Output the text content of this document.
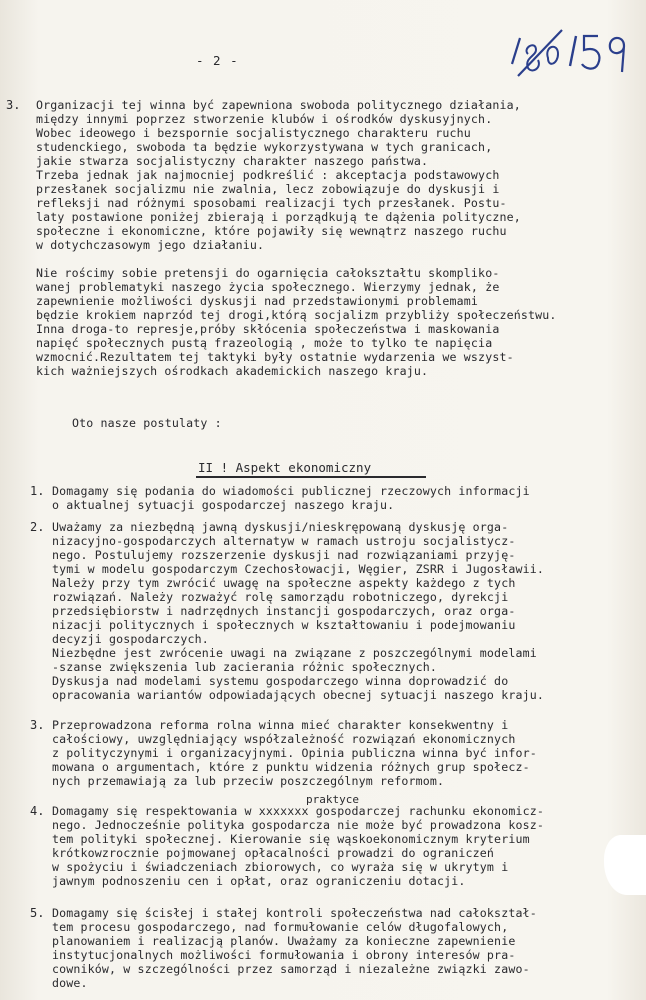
- 2 -
3. Organizacji tej winna być zapewniona swoboda politycznego działania,
między innymi poprzez stworzenie klubów i ośrodków dyskusyjnych.
Wobec ideowego i bezspornie socjalistycznego charakteru ruchu
studenckiego, swoboda ta będzie wykorzystywana w tych granicach,
jakie stwarza socjalistyczny charakter naszego państwa.
Trzeba jednak jak najmocniej podkreślić : akceptacja podstawowych
przesłanek socjalizmu nie zwalnia, lecz zobowiązuje do dyskusji i
refleksji nad różnymi sposobami realizacji tych przesłanek. Postu-
laty postawione poniżej zbierają i porządkują te dążenia polityczne,
społeczne i ekonomiczne, które pojawiły się wewnątrz naszego ruchu
w dotychczasowym jego działaniu.
Nie rościmy sobie pretensji do ogarnięcia całokształtu skompliko-
wanej problematyki naszego życia społecznego. Wierzymy jednak, że
zapewnienie możliwości dyskusji nad przedstawionymi problemami
będzie krokiem naprzód tej drogi,którą socjalizm przybliży społeczeństwu.
Inna droga-to represje,próby skłócenia społeczeństwa i maskowania
napięć społecznych pustą frazeologią , może to tylko te napięcia
wzmocnić.Rezultatem tej taktyki były ostatnie wydarzenia we wszyst-
kich ważniejszych ośrodkach akademickich naszego kraju.
Oto nasze postulaty :
II ! Aspekt ekonomiczny
1. Domagamy się podania do wiadomości publicznej rzeczowych informacji
o aktualnej sytuacji gospodarczej naszego kraju.
2. Uważamy za niezbędną jawną dyskusji/nieskrępowaną dyskusję orga-
nizacyjno-gospodarczych alternatyw w ramach ustroju socjalistycz-
nego. Postulujemy rozszerzenie dyskusji nad rozwiązaniami przyję-
tymi w modelu gospodarczym Czechosłowacji, Węgier, ZSRR i Jugosławii.
Należy przy tym zwrócić uwagę na społeczne aspekty każdego z tych
rozwiązań. Należy rozważyć rolę samorządu robotniczego, dyrekcji
przedsiębiorstw i nadrzędnych instancji gospodarczych, oraz orga-
nizacji politycznych i społecznych w kształtowaniu i podejmowaniu
decyzji gospodarczych.
Niezbędne jest zwrócenie uwagi na związane z poszczególnymi modelami
-szanse zwiększenia lub zacierania różnic społecznych.
Dyskusja nad modelami systemu gospodarczego winna doprowadzić do
opracowania wariantów odpowiadających obecnej sytuacji naszego kraju.
3. Przeprowadzona reforma rolna winna mieć charakter konsekwentny i
całościowy, uwzględniający współzależność rozwiązań ekonomicznych
z polityczynymi i organizacyjnymi. Opinia publiczna winna być infor-
mowana o argumentach, które z punktu widzenia różnych grup społecz-
nych przemawiają za lub przeciw poszczególnym reformom.
praktyce
4. Domagamy się respektowania w xxxxxxx gospodarczej rachunku ekonomicz-
nego. Jednocześnie polityka gospodarcza nie może być prowadzona kosz-
tem polityki społecznej. Kierowanie się wąskoekonomicznym kryterium
krótkowzrocznie pojmowanej opłacalności prowadzi do ograniczeń
w spożyciu i świadczeniach zbiorowych, co wyraża się w ukrytym i
jawnym podnoszeniu cen i opłat, oraz ograniczeniu dotacji.
5. Domagamy się ścisłej i stałej kontroli społeczeństwa nad całokształ-
tem procesu gospodarczego, nad formułowanie celów długofalowych,
planowaniem i realizacją planów. Uważamy za konieczne zapewnienie
instytucjonalnych możliwości formułowania i obrony interesów pra-
cowników, w szczególności przez samorząd i niezależne związki zawo-
dowe.
